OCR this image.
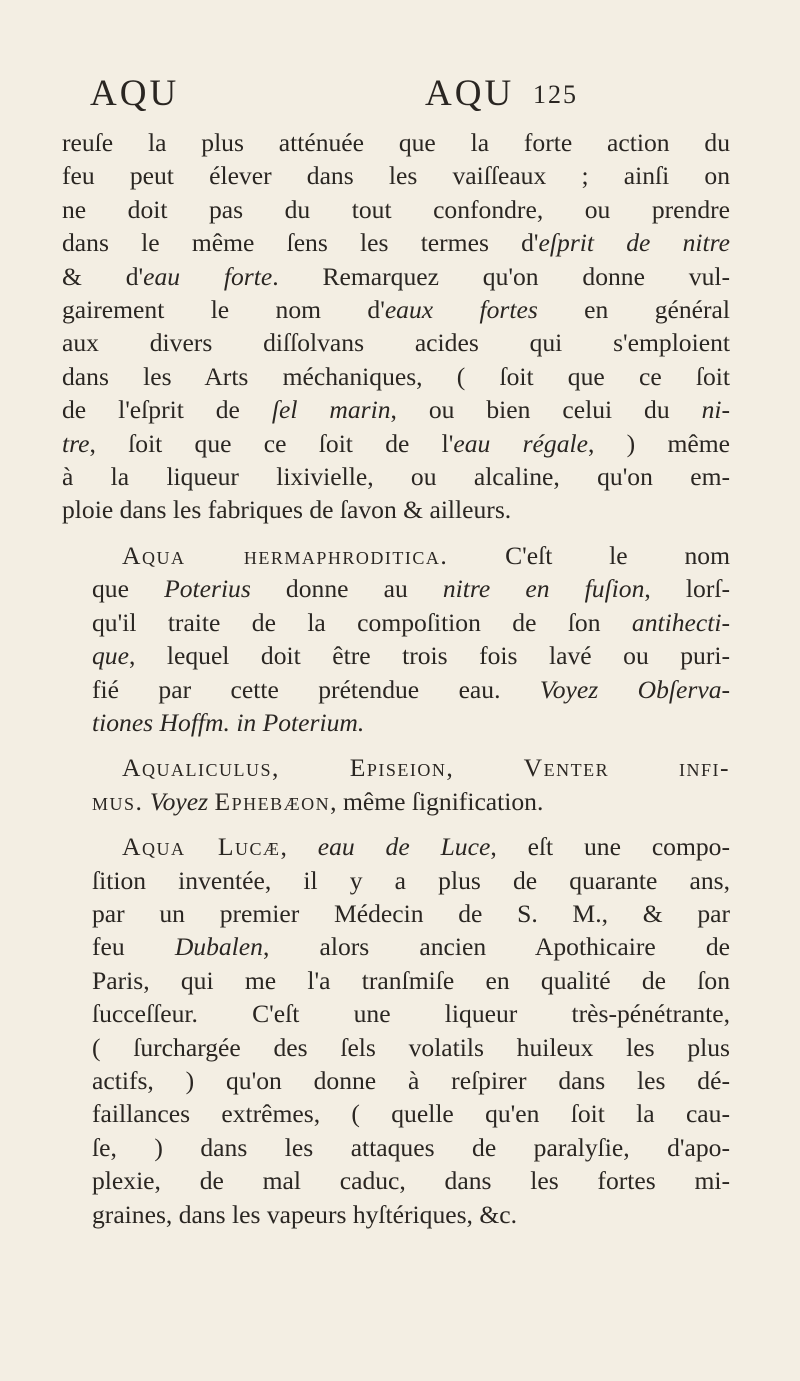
AQU	AQU 125
reuſe la plus atténuée que la forte action du
feu peut élever dans les vaiſſeaux ; ainſi on
ne doit pas du tout confondre, ou prendre
dans le même ſens les termes d'eſprit de nitre
& d'eau forte. Remarquez qu'on donne vul-
gairement le nom d'eaux fortes en général
aux divers diſſolvans acides qui s'emploient
dans les Arts méchaniques, ( ſoit que ce ſoit
de l'eſprit de ſel marin, ou bien celui du ni-
tre, ſoit que ce ſoit de l'eau régale, ) même
à la liqueur lixivielle, ou alcaline, qu'on em-
ploie dans les fabriques de ſavon & ailleurs.
Aqua hermaphroditica. C'eſt le nom
que Poterius donne au nitre en fuſion, lorſ-
qu'il traite de la compoſition de ſon antihecti-
que, lequel doit être trois fois lavé ou puri-
fié par cette prétendue eau. Voyez Obſerva-
tiones Hoffm. in Poterium.
Aqualiculus, Episeion, Venter infi-
mus. Voyez Ephebæon, même ſignification.
Aqua Lucæ, eau de Luce, eſt une compo-
ſition inventée, il y a plus de quarante ans,
par un premier Médecin de S. M., & par
feu Dubalen, alors ancien Apothicaire de
Paris, qui me l'a tranſmiſe en qualité de ſon
ſucceſſeur. C'eſt une liqueur très-pénétrante,
( ſurchargée des ſels volatils huileux les plus
actifs, ) qu'on donne à reſpirer dans les dé-
faillances extrêmes, ( quelle qu'en ſoit la cau-
ſe, ) dans les attaques de paralyſie, d'apo-
plexie, de mal caduc, dans les fortes mi-
graines, dans les vapeurs hyſtériques, &c.
